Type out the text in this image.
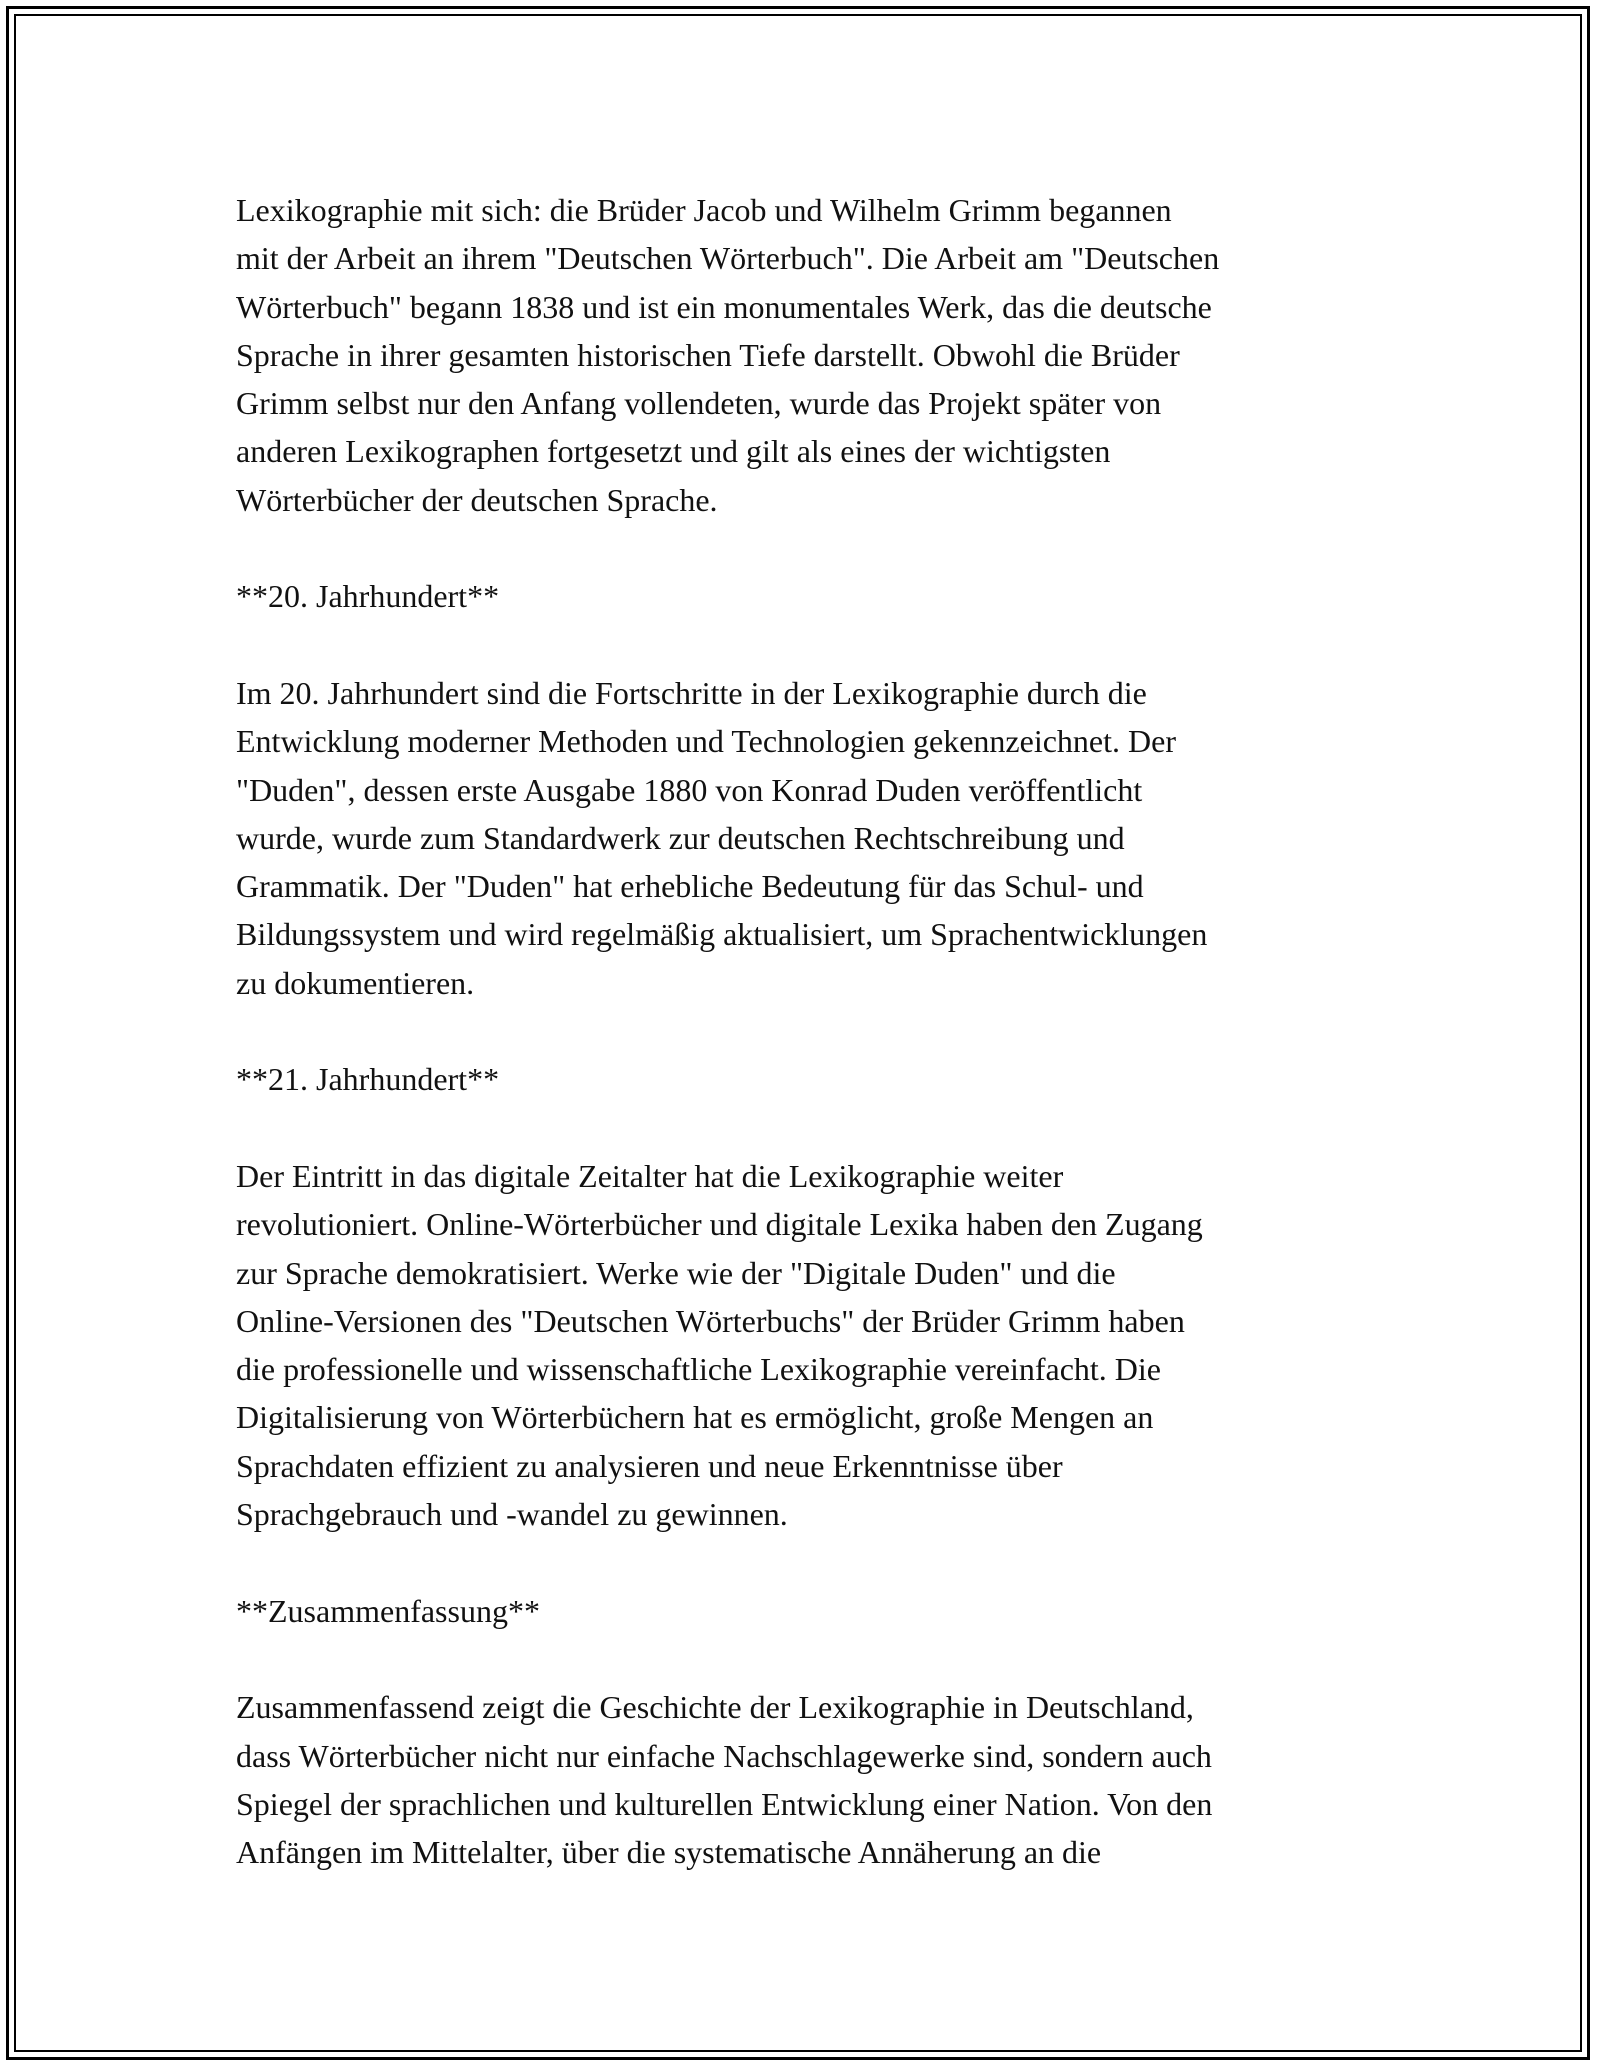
Lexikographie mit sich: die Brüder Jacob und Wilhelm Grimm begannen
mit der Arbeit an ihrem "Deutschen Wörterbuch". Die Arbeit am "Deutschen
Wörterbuch" begann 1838 und ist ein monumentales Werk, das die deutsche
Sprache in ihrer gesamten historischen Tiefe darstellt. Obwohl die Brüder
Grimm selbst nur den Anfang vollendeten, wurde das Projekt später von
anderen Lexikographen fortgesetzt und gilt als eines der wichtigsten
Wörterbücher der deutschen Sprache.

**20. Jahrhundert**

Im 20. Jahrhundert sind die Fortschritte in der Lexikographie durch die
Entwicklung moderner Methoden und Technologien gekennzeichnet. Der
"Duden", dessen erste Ausgabe 1880 von Konrad Duden veröffentlicht
wurde, wurde zum Standardwerk zur deutschen Rechtschreibung und
Grammatik. Der "Duden" hat erhebliche Bedeutung für das Schul- und
Bildungssystem und wird regelmäßig aktualisiert, um Sprachentwicklungen
zu dokumentieren.

**21. Jahrhundert**

Der Eintritt in das digitale Zeitalter hat die Lexikographie weiter
revolutioniert. Online-Wörterbücher und digitale Lexika haben den Zugang
zur Sprache demokratisiert. Werke wie der "Digitale Duden" und die
Online-Versionen des "Deutschen Wörterbuchs" der Brüder Grimm haben
die professionelle und wissenschaftliche Lexikographie vereinfacht. Die
Digitalisierung von Wörterbüchern hat es ermöglicht, große Mengen an
Sprachdaten effizient zu analysieren und neue Erkenntnisse über
Sprachgebrauch und -wandel zu gewinnen.

**Zusammenfassung**

Zusammenfassend zeigt die Geschichte der Lexikographie in Deutschland,
dass Wörterbücher nicht nur einfache Nachschlagewerke sind, sondern auch
Spiegel der sprachlichen und kulturellen Entwicklung einer Nation. Von den
Anfängen im Mittelalter, über die systematische Annäherung an die
